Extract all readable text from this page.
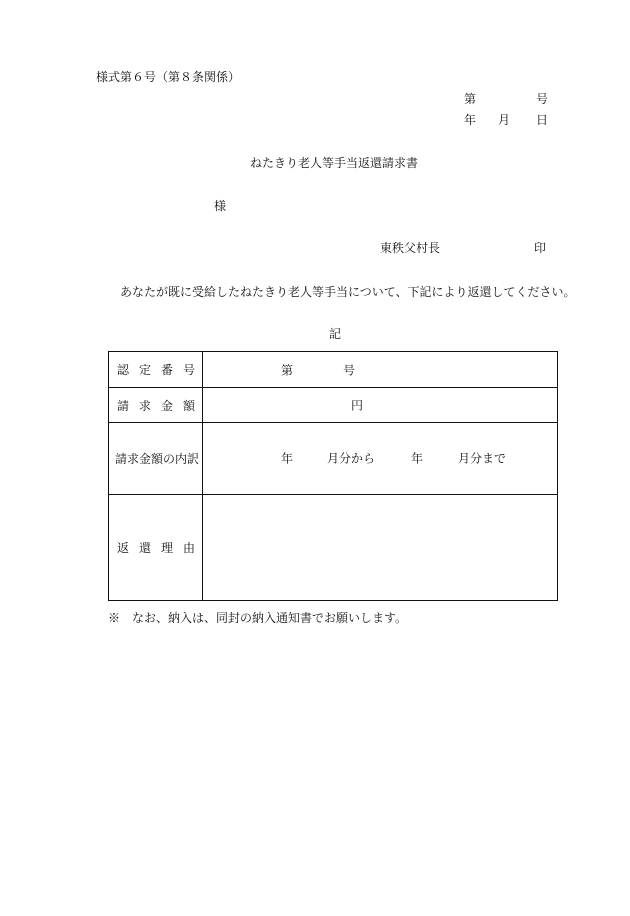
様式第６号（第８条関係）
第	号
年 月 日
ねたきり老人等手当返還請求書
様
東秩父村長	印
あなたが既に受給したねたきり老人等手当について、下記により返還してください。
記
認 定 番 号	第 号

請 求 金 額	円

請求金額の内訳	年 月分から 年 月分まで

返 還 理 由	

※　なお、納入は、同封の納入通知書でお願いします。
